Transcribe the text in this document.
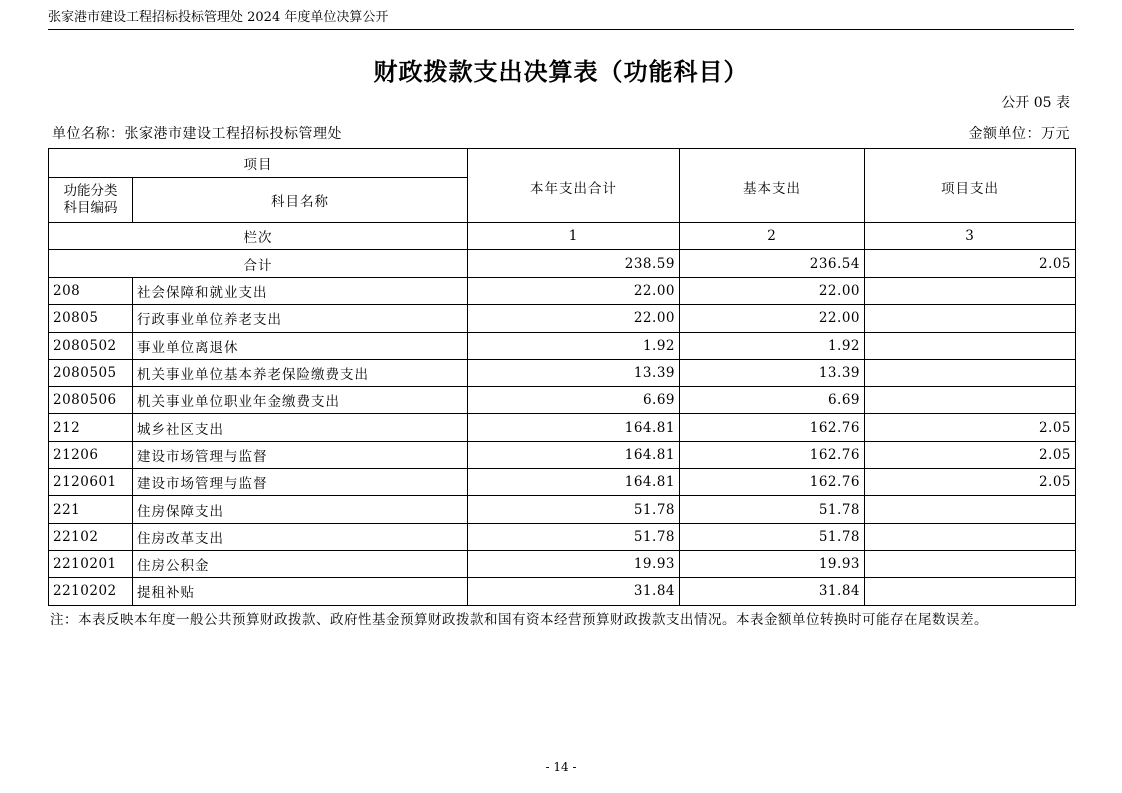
张家港市建设工程招标投标管理处 2024 年度单位决算公开
财政拨款支出决算表（功能科目）
公开 05 表
单位名称：张家港市建设工程招标投标管理处	金额单位：万元
项目		本年支出合计	基本支出	项目支出
功能分类
科目编码	科目名称			
栏次		1	2	3
合计		238.59	236.54	2.05
208	社会保障和就业支出	22.00	22.00	
20805	行政事业单位养老支出	22.00	22.00	
2080502	事业单位离退休	1.92	1.92	
2080505	机关事业单位基本养老保险缴费支出	13.39	13.39	
2080506	机关事业单位职业年金缴费支出	6.69	6.69	
212	城乡社区支出	164.81	162.76	2.05
21206	建设市场管理与监督	164.81	162.76	2.05
2120601	建设市场管理与监督	164.81	162.76	2.05
221	住房保障支出	51.78	51.78	
22102	住房改革支出	51.78	51.78	
2210201	住房公积金	19.93	19.93	
2210202	提租补贴	31.84	31.84	
注：本表反映本年度一般公共预算财政拨款、政府性基金预算财政拨款和国有资本经营预算财政拨款支出情况。本表金额单位转换时可能存在尾数误差。
- 14 -
